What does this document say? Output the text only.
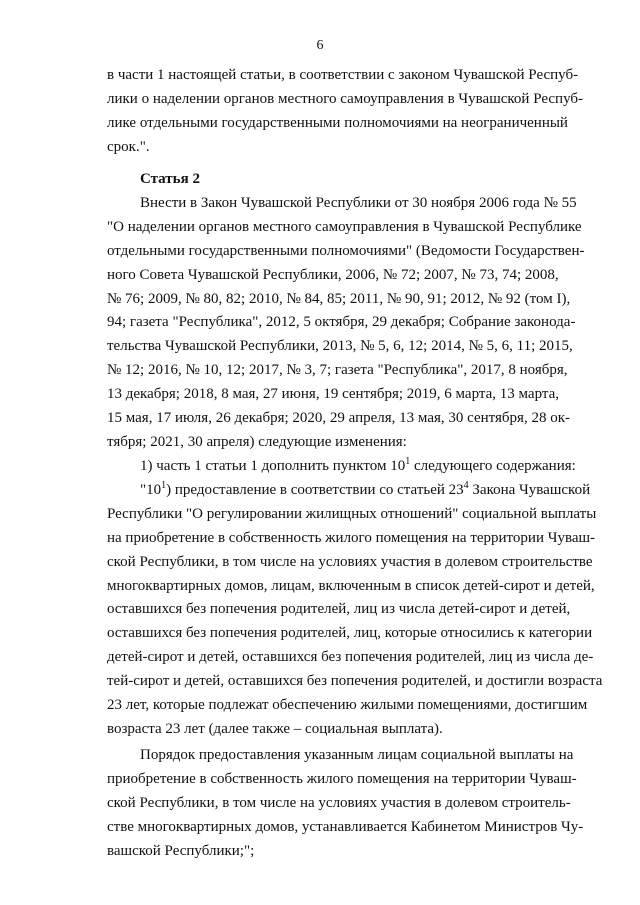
6
в части 1 настоящей статьи, в соответствии с законом Чувашской Респуб-
лики о наделении органов местного самоуправления в Чувашской Респуб-
лике отдельными государственными полномочиями на неограниченный
срок.".
Статья 2
Внести в Закон Чувашской Республики от 30 ноября 2006 года № 55
"О наделении органов местного самоуправления в Чувашской Республике
отдельными государственными полномочиями" (Ведомости Государствен-
ного Совета Чувашской Республики, 2006, № 72; 2007, № 73, 74; 2008,
№ 76; 2009, № 80, 82; 2010, № 84, 85; 2011, № 90, 91; 2012, № 92 (том I),
94; газета "Республика", 2012, 5 октября, 29 декабря; Собрание законода-
тельства Чувашской Республики, 2013, № 5, 6, 12; 2014, № 5, 6, 11; 2015,
№ 12; 2016, № 10, 12; 2017, № 3, 7; газета "Республика", 2017, 8 ноября,
13 декабря; 2018, 8 мая, 27 июня, 19 сентября; 2019, 6 марта, 13 марта,
15 мая, 17 июля, 26 декабря; 2020, 29 апреля, 13 мая, 30 сентября, 28 ок-
тября; 2021, 30 апреля) следующие изменения:
1) часть 1 статьи 1 дополнить пунктом $10^1$ следующего содержания:
"$10^1$) предоставление в соответствии со статьей $23^4$ Закона Чувашской
Республики "О регулировании жилищных отношений" социальной выплаты
на приобретение в собственность жилого помещения на территории Чуваш-
ской Республики, в том числе на условиях участия в долевом строительстве
многоквартирных домов, лицам, включенным в список детей-сирот и детей,
оставшихся без попечения родителей, лиц из числа детей-сирот и детей,
оставшихся без попечения родителей, лиц, которые относились к категории
детей-сирот и детей, оставшихся без попечения родителей, лиц из числа де-
тей-сирот и детей, оставшихся без попечения родителей, и достигли возраста
23 лет, которые подлежат обеспечению жилыми помещениями, достигшим
возраста 23 лет (далее также – социальная выплата).
Порядок предоставления указанным лицам социальной выплаты на
приобретение в собственность жилого помещения на территории Чуваш-
ской Республики, в том числе на условиях участия в долевом строитель-
стве многоквартирных домов, устанавливается Кабинетом Министров Чу-
вашской Республики;";
